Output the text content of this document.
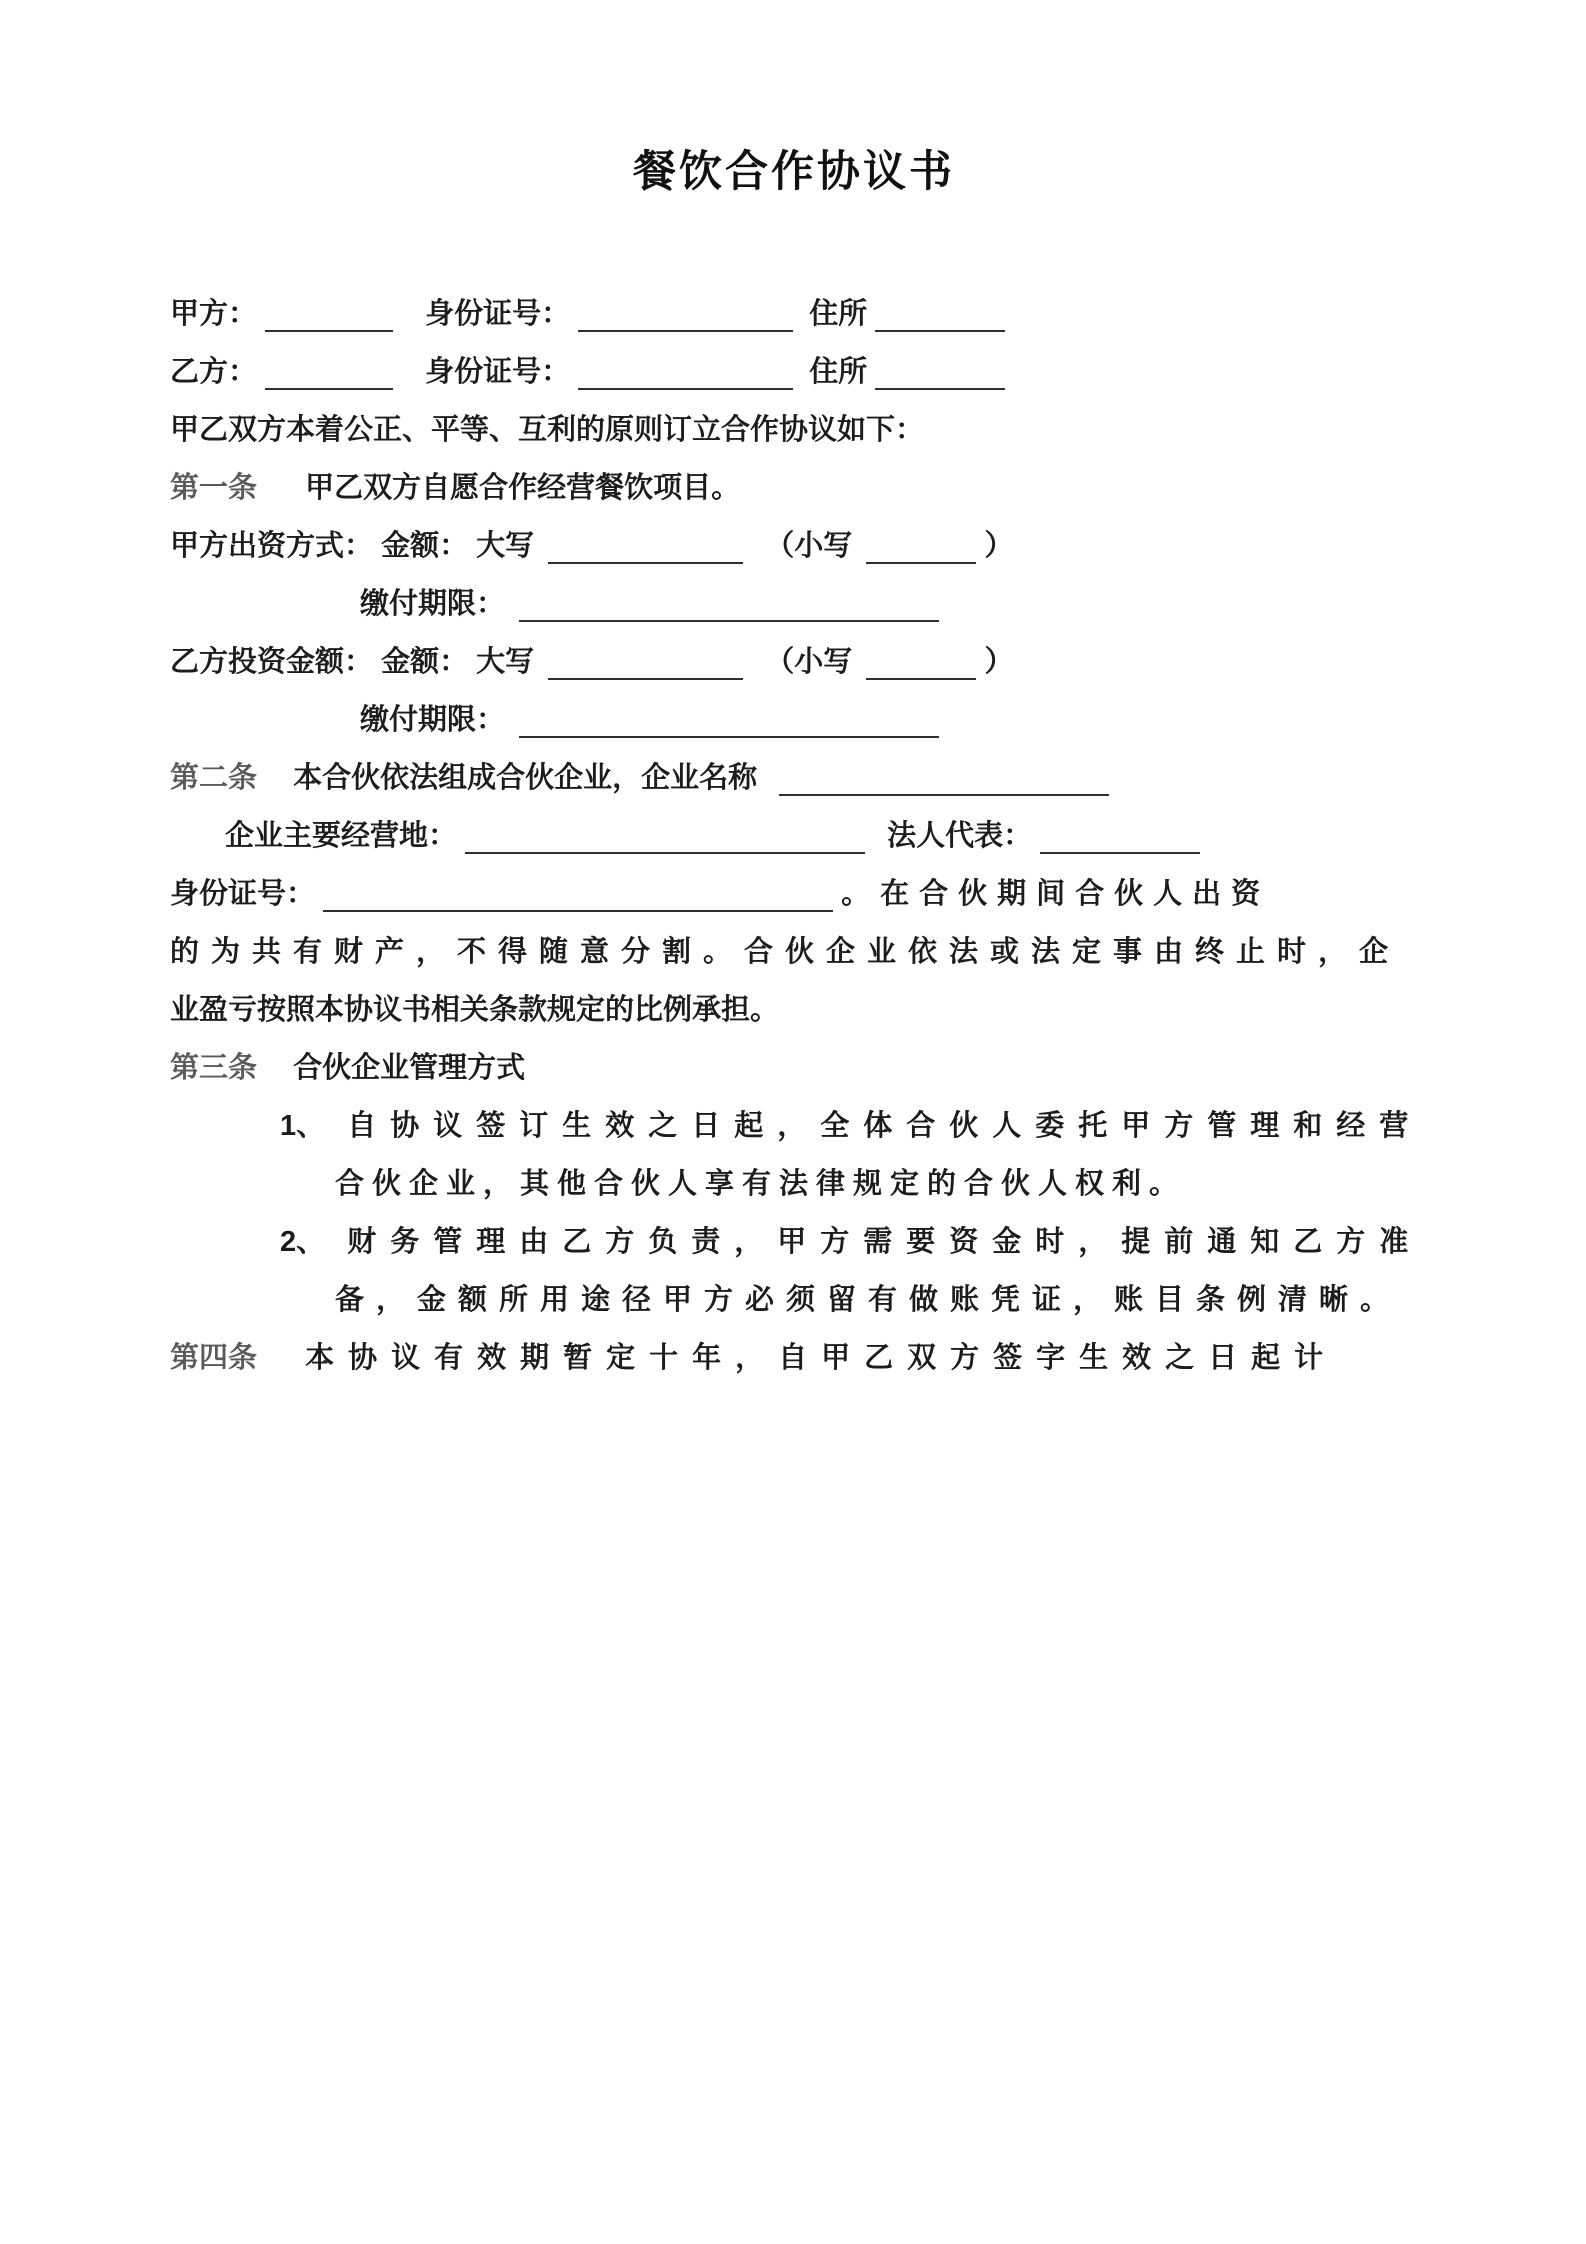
餐饮合作协议书
甲方：	身份证号：	住所
乙方：	身份证号：	住所
甲乙双方本着公正、平等、互利的原则订立合作协议如下：
第一条 甲乙双方自愿合作经营餐饮项目。
甲方出资方式： 金额： 大写	（小写	）
缴付期限：
乙方投资金额： 金额： 大写	（小写	）
缴付期限：
第二条 本合伙依法组成合伙企业，企业名称
企业主要经营地：	法人代表：
身份证号：	。在合伙期间合伙人出资
的为共有财产，不得随意分割。合伙企业依法或法定事由终止时，企
业盈亏按照本协议书相关条款规定的比例承担。
第三条 合伙企业管理方式
1、 自协议签订生效之日起，全体合伙人委托甲方管理和经营
合伙企业，其他合伙人享有法律规定的合伙人权利。
2、 财务管理由乙方负责，甲方需要资金时，提前通知乙方准
备，金额所用途径甲方必须留有做账凭证，账目条例清晰。
第四条 本协议有效期暂定十年，自甲乙双方签字生效之日起计
